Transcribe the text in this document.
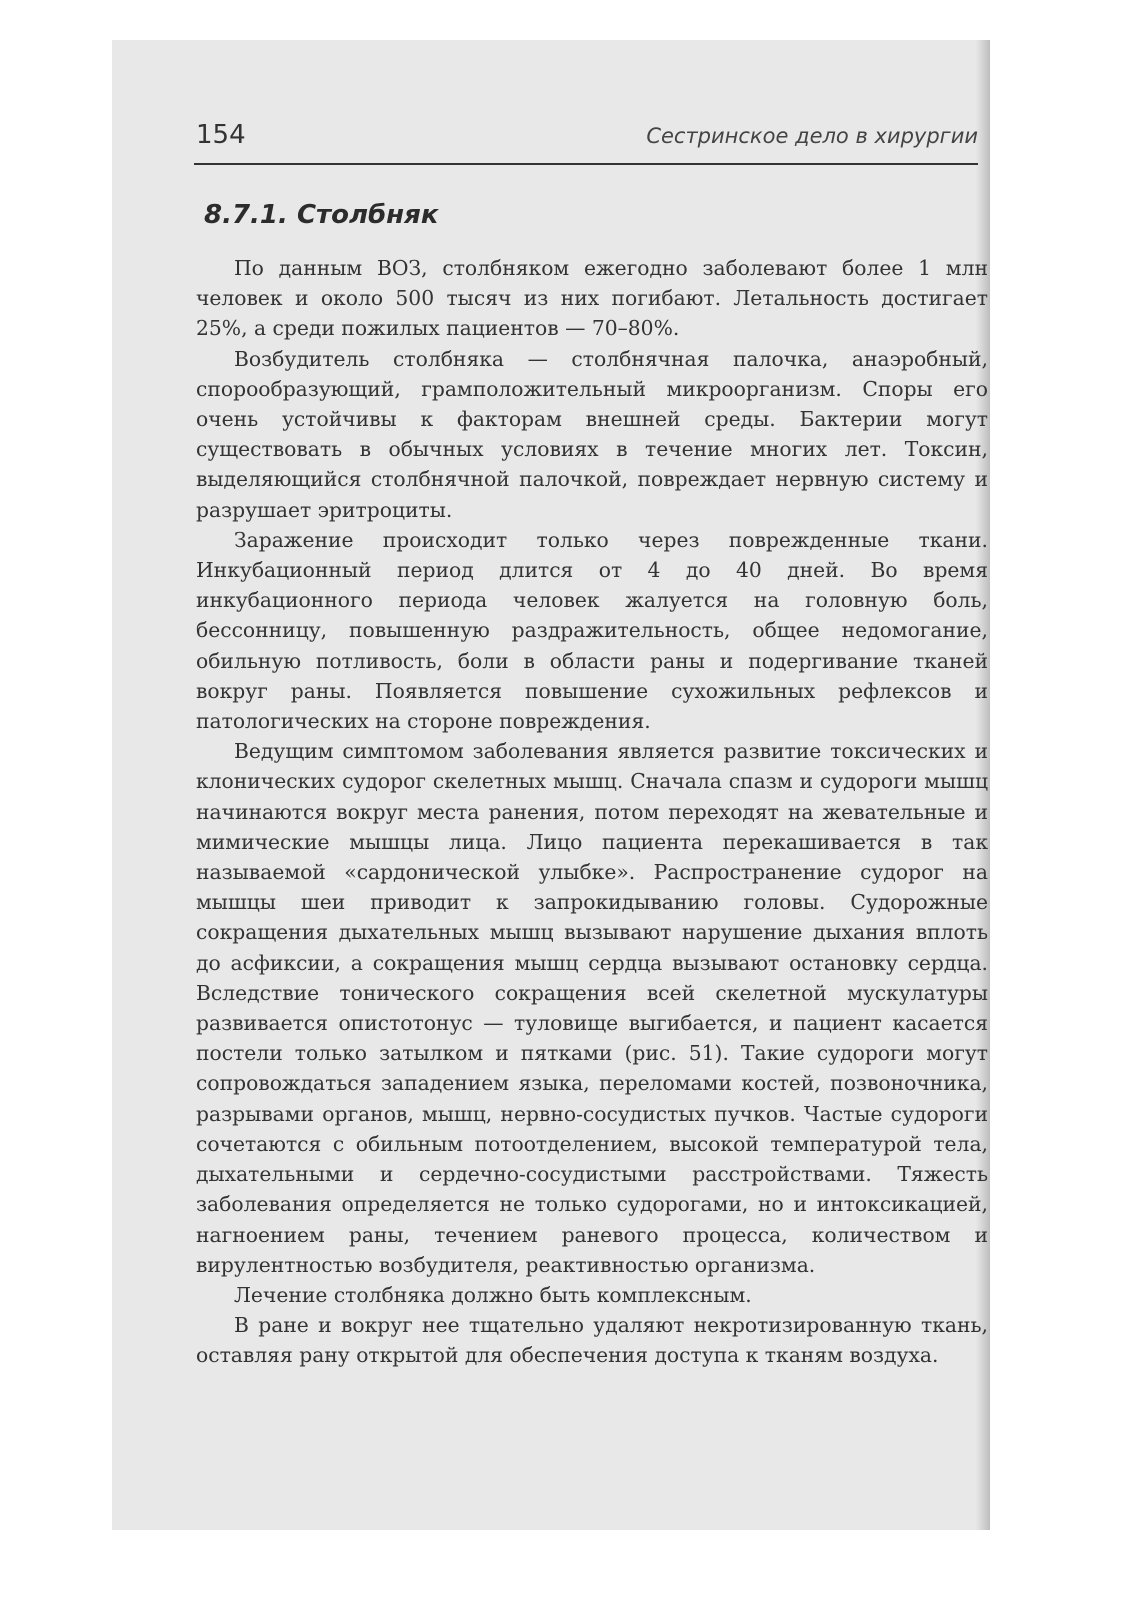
154	Сестринское дело в хирургии
8.7.1. Столбняк

По данным ВОЗ, столбняком ежегодно заболевают более 1 млн человек и около 500 тысяч из них погибают. Летальность достигает 25%, а среди пожилых пациентов — 70–80%.

Возбудитель столбняка — столбнячная палочка, анаэробный, спорообразующий, грамположительный микроорганизм. Споры его очень устойчивы к факторам внешней среды. Бактерии могут существовать в обычных условиях в течение многих лет. Токсин, выделяющийся столбнячной палочкой, повреждает нервную систему и разрушает эритроциты.

Заражение происходит только через поврежденные ткани. Инкубационный период длится от 4 до 40 дней. Во время инкубационного периода человек жалуется на головную боль, бессонницу, повышенную раздражительность, общее недомогание, обильную потливость, боли в области раны и подергивание тканей вокруг раны. Появляется повышение сухожильных рефлексов и патологических на стороне повреждения.

Ведущим симптомом заболевания является развитие токсических и клонических судорог скелетных мышц. Сначала спазм и судороги мышц начинаются вокруг места ранения, потом переходят на жевательные и мимические мышцы лица. Лицо пациента перекашивается в так называемой «сардонической улыбке». Распространение судорог на мышцы шеи приводит к запрокидыванию головы. Судорожные сокращения дыхательных мышц вызывают нарушение дыхания вплоть до асфиксии, а сокращения мышц сердца вызывают остановку сердца. Вследствие тонического сокращения всей скелетной мускулатуры развивается опистотонус — туловище выгибается, и пациент касается постели только затылком и пятками (рис. 51). Такие судороги могут сопровождаться западением языка, переломами костей, позвоночника, разрывами органов, мышц, нервно-сосудистых пучков. Частые судороги сочетаются с обильным потоотделением, высокой температурой тела, дыхательными и сердечно-сосудистыми расстройствами. Тяжесть заболевания определяется не только судорогами, но и интоксикацией, нагноением раны, течением раневого процесса, количеством и вирулентностью возбудителя, реактивностью организма.

Лечение столбняка должно быть комплексным.

В ране и вокруг нее тщательно удаляют некротизированную ткань, оставляя рану открытой для обеспечения доступа к тканям воздуха.
